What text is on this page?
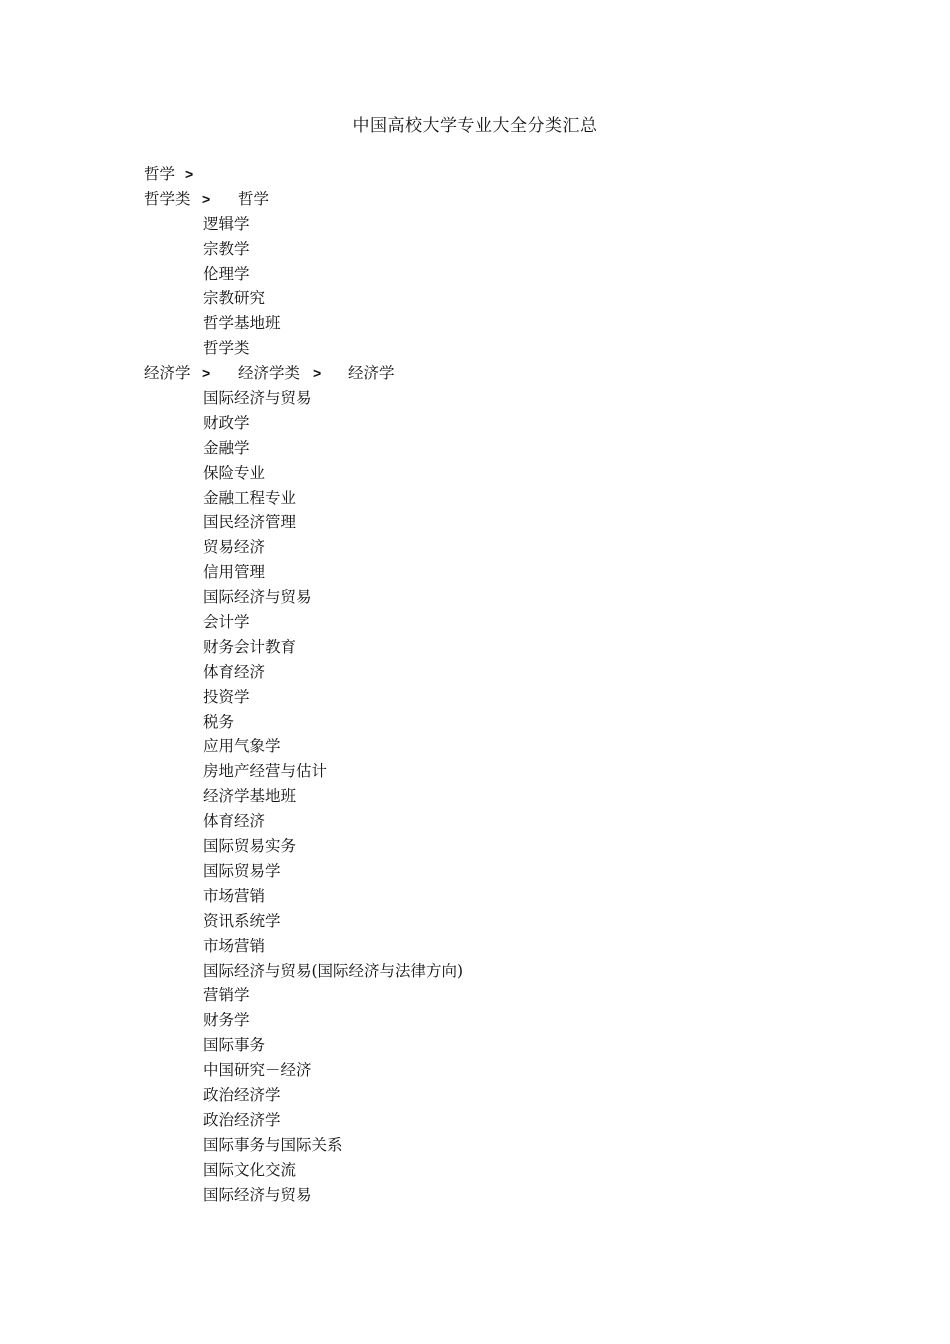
中国高校大学专业大全分类汇总
哲学 >
哲学类 > 哲学
逻辑学
宗教学
伦理学
宗教研究
哲学基地班
哲学类
经济学 > 经济学类 > 经济学
国际经济与贸易
财政学
金融学
保险专业
金融工程专业
国民经济管理
贸易经济
信用管理
国际经济与贸易
会计学
财务会计教育
体育经济
投资学
税务
应用气象学
房地产经营与估计
经济学基地班
体育经济
国际贸易实务
国际贸易学
市场营销
资讯系统学
市场营销
国际经济与贸易(国际经济与法律方向)
营销学
财务学
国际事务
中国研究－经济
政治经济学
政治经济学
国际事务与国际关系
国际文化交流
国际经济与贸易
